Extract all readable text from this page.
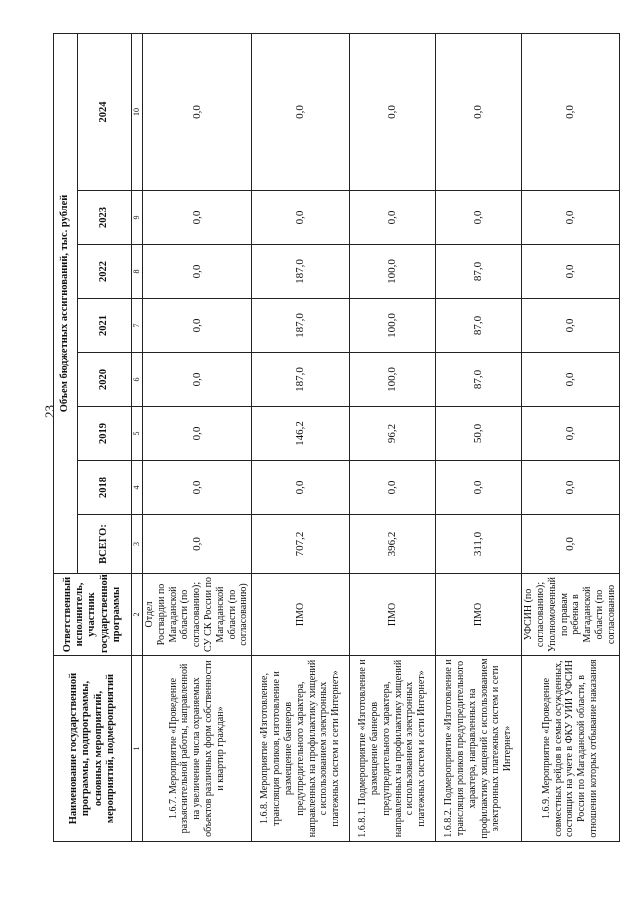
23
Наименование государственной программы, подпрограммы, основных мероприятий, мероприятий, подмероприятий	Ответственный исполнитель, участник государственной программы	Объем бюджетных ассигнований, тыс. рублей							
		ВСЕГО:	2018	2019	2020	2021	2022	2023	2024
1	2	3	4	5	6	7	8	9	10
1.6.7. Мероприятие «Проведение разъяснительной работы, направленной на увеличение числа охраняемых объектов различных форм собственности и квартир граждан»	Отдел Росгвардии по Магаданской области (по согласованию); СУ СК России по Магаданской области (по согласованию)	0,0	0,0	0,0	0,0	0,0	0,0	0,0	0,0
1.6.8. Мероприятие «Изготовление, трансляция роликов, изготовление и размещение баннеров предупредительного характера, направленных на профилактику хищений с использованием электронных платежных систем и сети Интернет»	ПМО	707,2	0,0	146,2	187,0	187,0	187,0	0,0	0,0
1.6.8.1. Подмероприятие «Изготовление и размещение баннеров предупредительного характера, направленных на профилактику хищений с использованием электронных платежных систем и сети Интернет»	ПМО	396,2	0,0	96,2	100,0	100,0	100,0	0,0	0,0
1.6.8.2. Подмероприятие «Изготовление и трансляция роликов предупредительного характера, направленных на профилактику хищений с использованием электронных платежных систем и сети Интернет»	ПМО	311,0	0,0	50,0	87,0	87,0	87,0	0,0	0,0
1.6.9. Мероприятие «Проведение совместных рейдов в семьи осужденных, состоящих на учете в ФКУ УИИ УФСИН России по Магаданской области, в отношении которых отбывание наказания	УФСИН (по согласованию); Уполномоченный по правам ребенка в Магаданской области (по согласованию	0,0	0,0	0,0	0,0	0,0	0,0	0,0	0,0
